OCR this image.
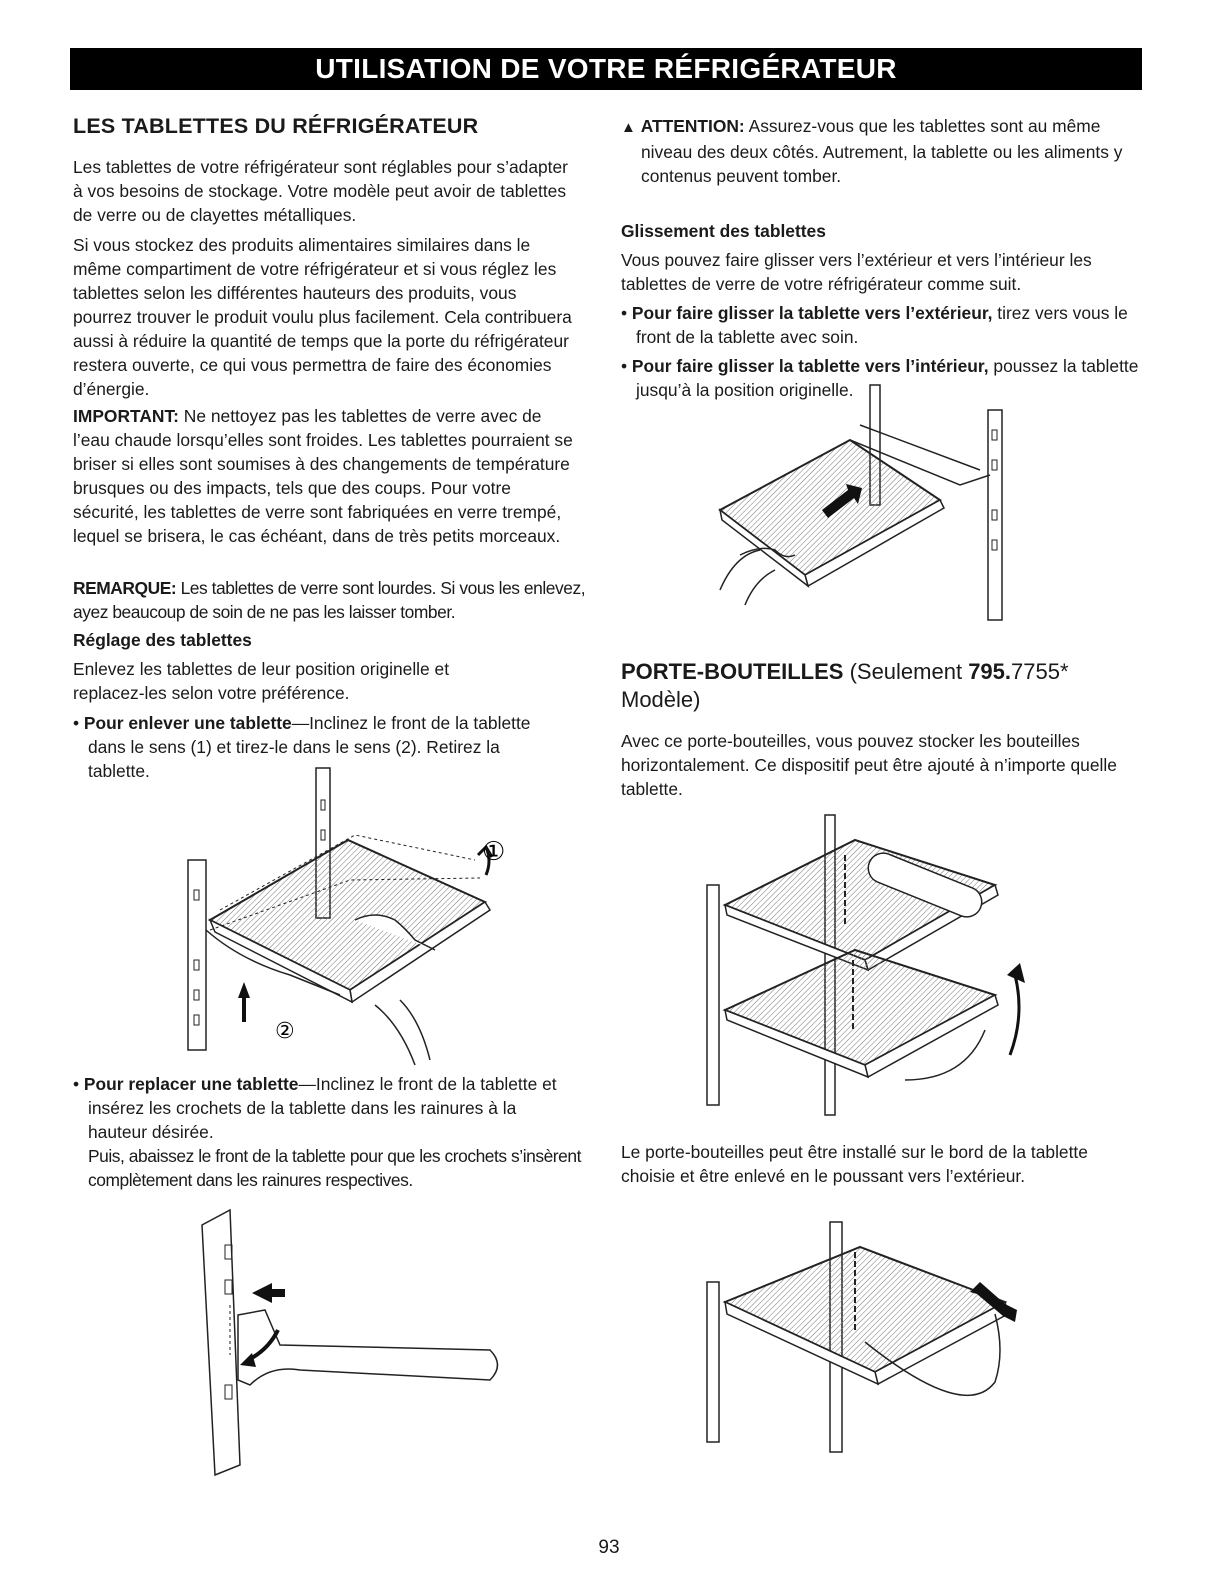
UTILISATION DE VOTRE RÉFRIGÉRATEUR
LES TABLETTES DU RÉFRIGÉRATEUR

Les tablettes de votre réfrigérateur sont réglables pour s’adapter à vos besoins de stockage. Votre modèle peut avoir de tablettes de verre ou de clayettes métalliques.

Si vous stockez des produits alimentaires similaires dans le même compartiment de votre réfrigérateur et si vous réglez les tablettes selon les différentes hauteurs des produits, vous pourrez trouver le produit voulu plus facilement. Cela contribuera aussi à réduire la quantité de temps que la porte du réfrigérateur restera ouverte, ce qui vous permettra de faire des économies d’énergie.

IMPORTANT: Ne nettoyez pas les tablettes de verre avec de l’eau chaude lorsqu’elles sont froides. Les tablettes pourraient se briser si elles sont soumises à des changements de température brusques ou des impacts, tels que des coups. Pour votre sécurité, les tablettes de verre sont fabriquées en verre trempé, lequel se brisera, le cas échéant, dans de très petits morceaux.

REMARQUE: Les tablettes de verre sont lourdes. Si vous les enlevez, ayez beaucoup de soin de ne pas les laisser tomber.

Réglage des tablettes

Enlevez les tablettes de leur position originelle et replacez-les selon votre préférence.

• Pour enlever une tablette—Inclinez le front de la tablette dans le sens (1) et tirez-le dans le sens (2). Retirez la tablette.

②
①

• Pour replacer une tablette—Inclinez le front de la tablette et insérez les crochets de la tablette dans les rainures à la hauteur désirée.

Puis, abaissez le front de la tablette pour que les crochets s’insèrent complètement dans les rainures respectives.

▲ ATTENTION: Assurez-vous que les tablettes sont au même niveau des deux côtés. Autrement, la tablette ou les aliments y contenus peuvent tomber.

Glissement des tablettes

Vous pouvez faire glisser vers l’extérieur et vers l’intérieur les tablettes de verre de votre réfrigérateur comme suit.

• Pour faire glisser la tablette vers l’extérieur, tirez vers vous le front de la tablette avec soin.

• Pour faire glisser la tablette vers l’intérieur, poussez la tablette jusqu’à la position originelle.

PORTE-BOUTEILLES (Seulement 795.7755*
Modèle)

Avec ce porte-bouteilles, vous pouvez stocker les bouteilles horizontalement. Ce dispositif peut être ajouté à n’importe quelle tablette.

Le porte-bouteilles peut être installé sur le bord de la tablette choisie et être enlevé en le poussant vers l’extérieur.

93
